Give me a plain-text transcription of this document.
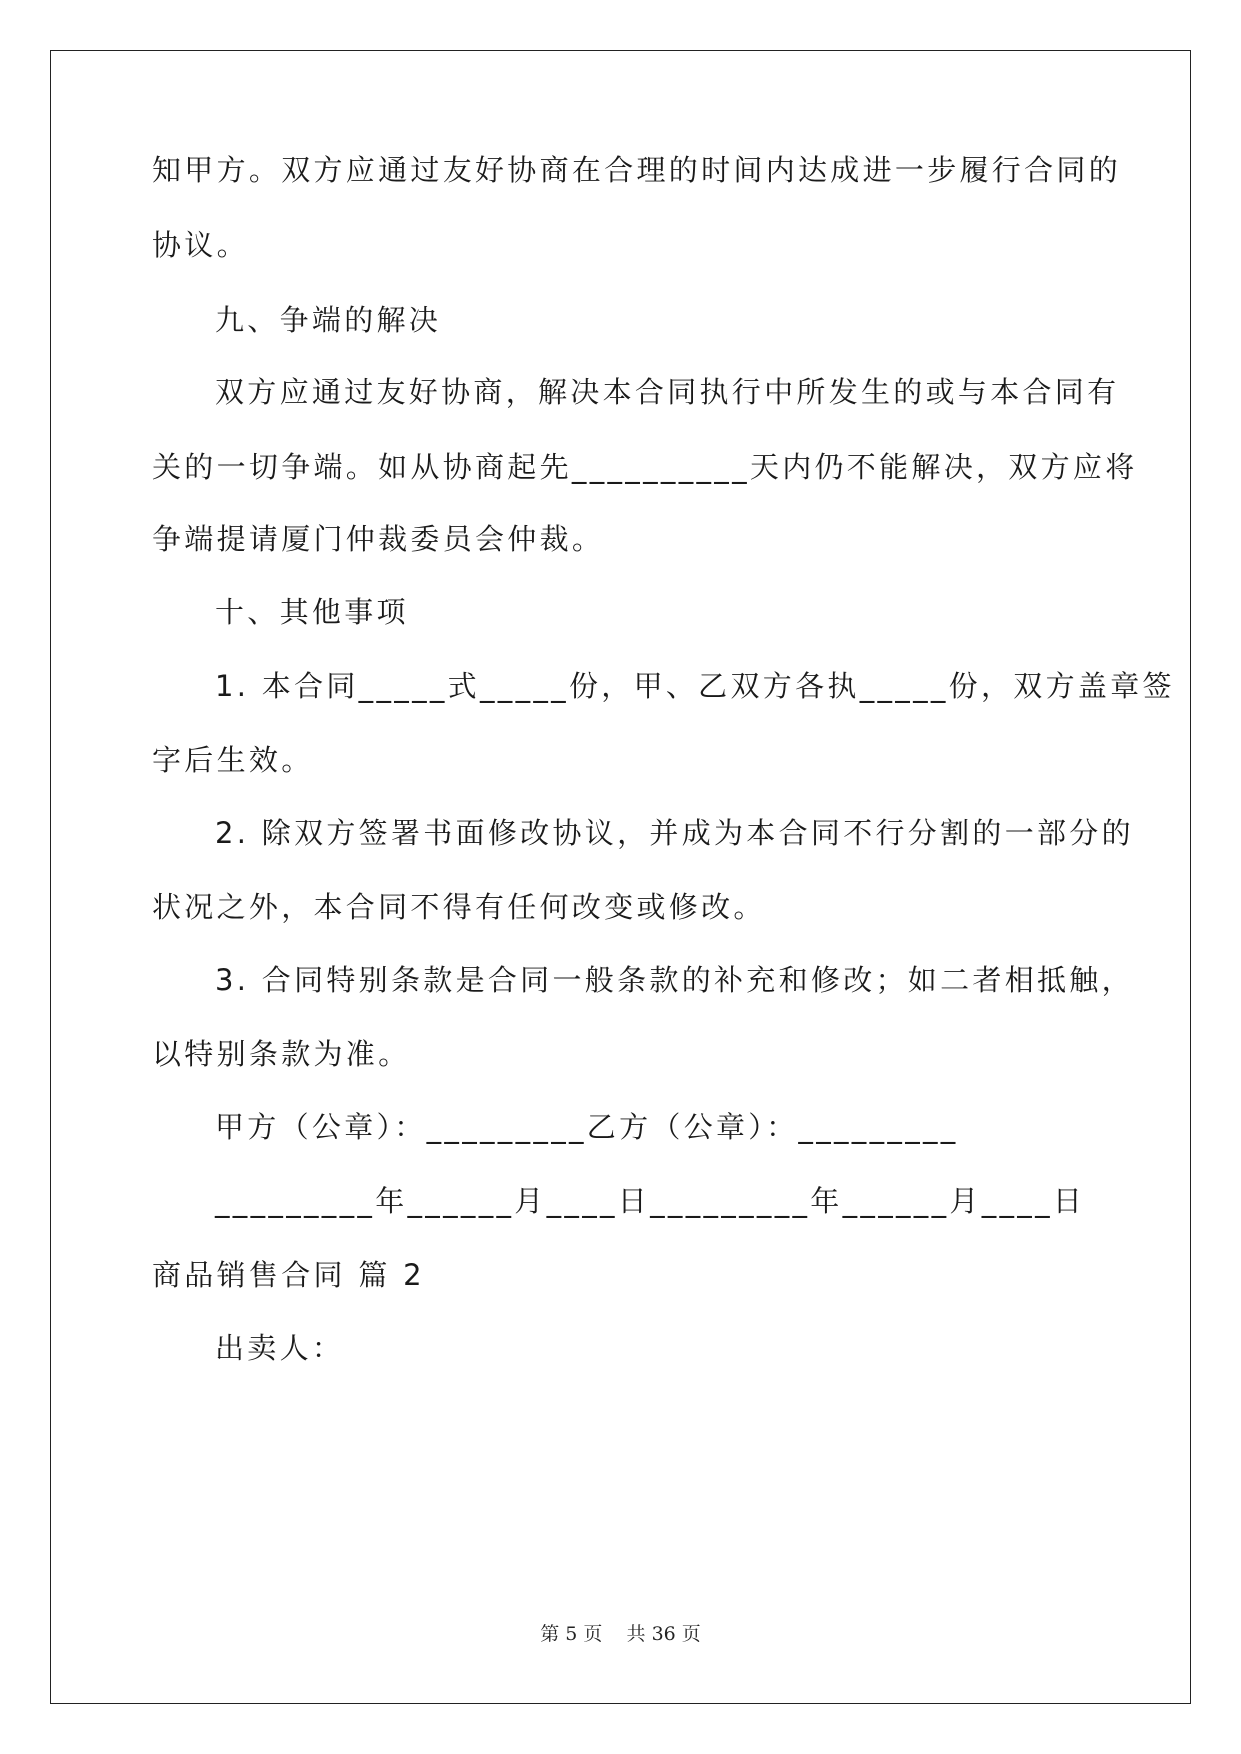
知甲方。双方应通过友好协商在合理的时间内达成进一步履行合同的
协议。
九、争端的解决
双方应通过友好协商，解决本合同执行中所发生的或与本合同有
关的一切争端。如从协商起先__________天内仍不能解决，双方应将
争端提请厦门仲裁委员会仲裁。
十、其他事项
1. 本合同_____式_____份，甲、乙双方各执_____份，双方盖章签
字后生效。
2. 除双方签署书面修改协议，并成为本合同不行分割的一部分的
状况之外，本合同不得有任何改变或修改。
3. 合同特别条款是合同一般条款的补充和修改；如二者相抵触，
以特别条款为准。
甲方（公章）：_________乙方（公章）：_________
_________年______月____日_________年______月____日
商品销售合同 篇 2
出卖人：
第 5 页    共 36 页
